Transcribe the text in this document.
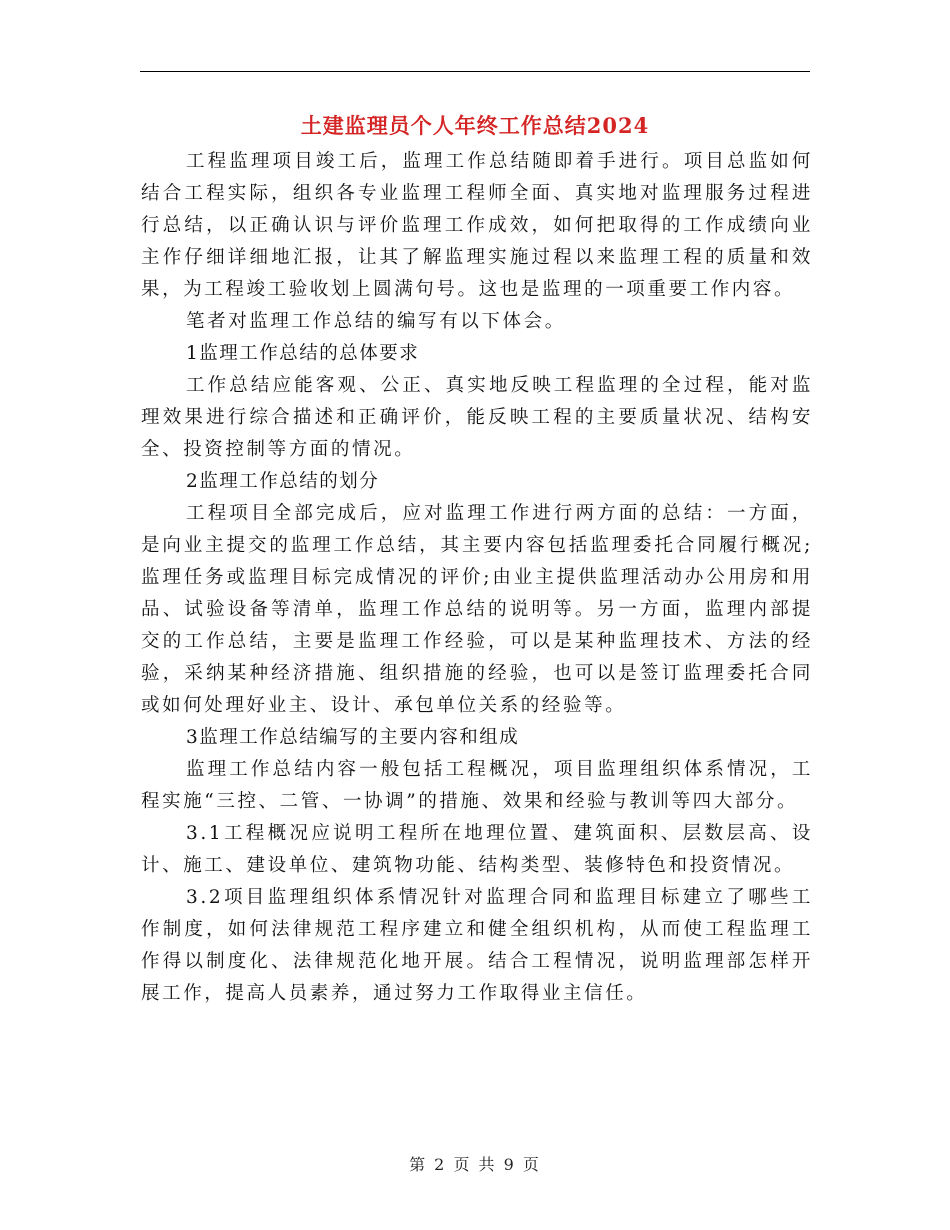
土建监理员个人年终工作总结2024

工程监理项目竣工后，监理工作总结随即着手进行。项目总监如何结合工程实际，组织各专业监理工程师全面、真实地对监理服务过程进行总结，以正确认识与评价监理工作成效，如何把取得的工作成绩向业主作仔细详细地汇报，让其了解监理实施过程以来监理工程的质量和效果，为工程竣工验收划上圆满句号。这也是监理的一项重要工作内容。

笔者对监理工作总结的编写有以下体会。

1监理工作总结的总体要求

工作总结应能客观、公正、真实地反映工程监理的全过程，能对监理效果进行综合描述和正确评价，能反映工程的主要质量状况、结构安全、投资控制等方面的情况。

2监理工作总结的划分

工程项目全部完成后，应对监理工作进行两方面的总结：一方面，是向业主提交的监理工作总结，其主要内容包括监理委托合同履行概况;监理任务或监理目标完成情况的评价;由业主提供监理活动办公用房和用品、试验设备等清单，监理工作总结的说明等。另一方面，监理内部提交的工作总结，主要是监理工作经验，可以是某种监理技术、方法的经验，采纳某种经济措施、组织措施的经验，也可以是签订监理委托合同或如何处理好业主、设计、承包单位关系的经验等。

3监理工作总结编写的主要内容和组成

监理工作总结内容一般包括工程概况，项目监理组织体系情况，工程实施“三控、二管、一协调”的措施、效果和经验与教训等四大部分。

3.1工程概况应说明工程所在地理位置、建筑面积、层数层高、设计、施工、建设单位、建筑物功能、结构类型、装修特色和投资情况。

3.2项目监理组织体系情况针对监理合同和监理目标建立了哪些工作制度，如何法律规范工程序建立和健全组织机构，从而使工程监理工作得以制度化、法律规范化地开展。结合工程情况，说明监理部怎样开展工作，提高人员素养，通过努力工作取得业主信任。

第 2 页 共 9 页
